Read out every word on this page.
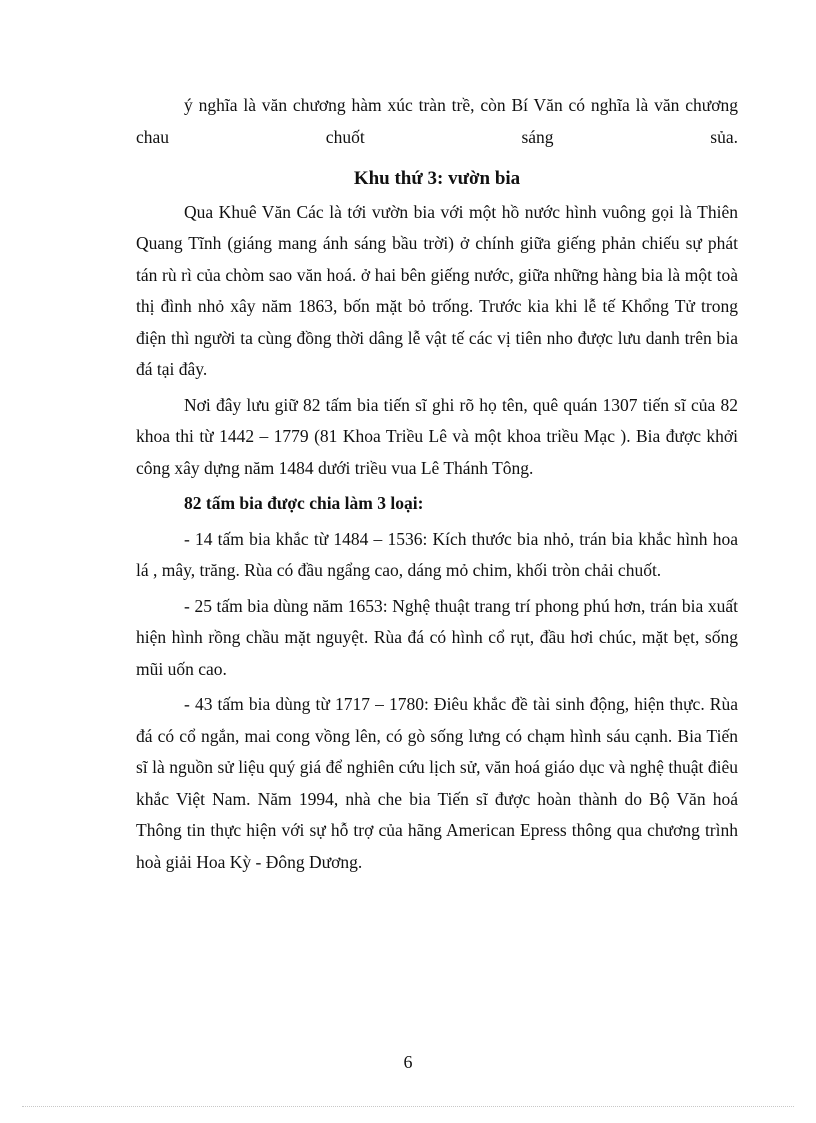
ý nghĩa là văn chương hàm xúc tràn trề, còn Bí Văn có nghĩa là văn chương chau chuốt sáng sủa.

Khu thứ 3: vườn bia

Qua Khuê Văn Các là tới vườn bia với một hồ nước hình vuông gọi là Thiên Quang Tĩnh (giáng mang ánh sáng bầu trời) ở chính giữa giếng phản chiếu sự phát tán rù rì của chòm sao văn hoá. ở hai bên giếng nước, giữa những hàng bia là một toà thị đình nhỏ xây năm 1863, bốn mặt bỏ trống. Trước kia khi lễ tế Khổng Tử trong điện thì người ta cùng đồng thời dâng lễ vật tế các vị tiên nho được lưu danh trên bia đá tại đây.

Nơi đây lưu giữ 82 tấm bia tiến sĩ ghi rõ họ tên, quê quán 1307 tiến sĩ của 82 khoa thi từ 1442 – 1779 (81 Khoa Triều Lê và một khoa triều Mạc ). Bia được khởi công xây dựng năm 1484 dưới triều vua Lê Thánh Tông.

82 tấm bia được chia làm 3 loại:

- 14 tấm bia khắc từ 1484 – 1536: Kích thước bia nhỏ, trán bia khắc hình hoa lá , mây, trăng. Rùa có đầu ngẩng cao, dáng mỏ chim, khối tròn chải chuốt.

- 25 tấm bia dùng năm 1653: Nghệ thuật trang trí phong phú hơn, trán bia xuất hiện hình rồng chầu mặt nguyệt. Rùa đá có hình cổ rụt, đầu hơi chúc, mặt bẹt, sống mũi uốn cao.

- 43 tấm bia dùng từ 1717 – 1780: Điêu khắc đề tài sinh động, hiện thực. Rùa đá có cổ ngắn, mai cong vồng lên, có gò sống lưng có chạm hình sáu cạnh. Bia Tiến sĩ là nguồn sử liệu quý giá để nghiên cứu lịch sử, văn hoá giáo dục và nghệ thuật điêu khắc Việt Nam. Năm 1994, nhà che bia Tiến sĩ được hoàn thành do Bộ Văn hoá Thông tin thực hiện với sự hỗ trợ của hãng American Epress thông qua chương trình hoà giải Hoa Kỳ - Đông Dương.

6
